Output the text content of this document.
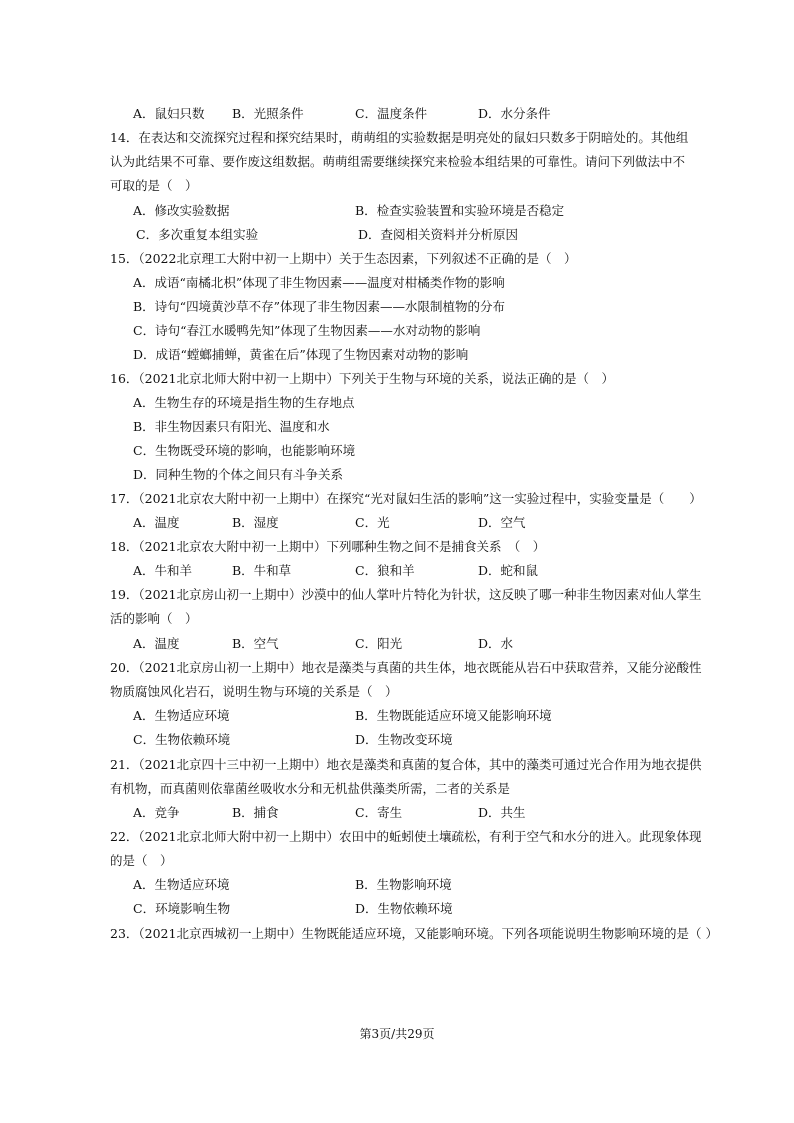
A．鼠妇只数 B．光照条件	C．温度条件	D．水分条件
14．在表达和交流探究过程和探究结果时，萌萌组的实验数据是明亮处的鼠妇只数多于阴暗处的。其他组
认为此结果不可靠、要作废这组数据。萌萌组需要继续探究来检验本组结果的可靠性。请问下列做法中不
可取的是（　）
A．修改实验数据	B．检查实验装置和实验环境是否稳定
C．多次重复本组实验	D．查阅相关资料并分析原因
15．（2022北京理工大附中初一上期中）关于生态因素，下列叙述不正确的是（　）
A．成语“南橘北枳”体现了非生物因素——温度对柑橘类作物的影响
B．诗句“四境黄沙草不存”体现了非生物因素——水限制植物的分布
C．诗句“春江水暖鸭先知”体现了生物因素——水对动物的影响
D．成语“螳螂捕蝉，黄雀在后”体现了生物因素对动物的影响
16．（2021北京北师大附中初一上期中）下列关于生物与环境的关系，说法正确的是（　）
A．生物生存的环境是指生物的生存地点
B．非生物因素只有阳光、温度和水
C．生物既受环境的影响，也能影响环境
D．同种生物的个体之间只有斗争关系
17．（2021北京农大附中初一上期中）在探究“光对鼠妇生活的影响”这一实验过程中，实验变量是（　　）
A．温度	B．湿度	C．光	D．空气
18．（2021北京农大附中初一上期中）下列哪种生物之间不是捕食关系　（　）
A．牛和羊	B．牛和草	C．狼和羊	D．蛇和鼠
19．（2021北京房山初一上期中）沙漠中的仙人掌叶片特化为针状，这反映了哪一种非生物因素对仙人掌生
活的影响（　）
A．温度	B．空气	C．阳光	D．水
20．（2021北京房山初一上期中）地衣是藻类与真菌的共生体，地衣既能从岩石中获取营养，又能分泌酸性
物质腐蚀风化岩石，说明生物与环境的关系是（　）
A．生物适应环境	B．生物既能适应环境又能影响环境
C．生物依赖环境	D．生物改变环境
21．（2021北京四十三中初一上期中）地衣是藻类和真菌的复合体，其中的藻类可通过光合作用为地衣提供
有机物，而真菌则依靠菌丝吸收水分和无机盐供藻类所需，二者的关系是
A．竞争	B．捕食	C．寄生	D．共生
22．（2021北京北师大附中初一上期中）农田中的蚯蚓使土壤疏松，有利于空气和水分的进入。此现象体现
的是（　）
A．生物适应环境	B．生物影响环境
C．环境影响生物	D．生物依赖环境
23．（2021北京西城初一上期中）生物既能适应环境，又能影响环境。下列各项能说明生物影响环境的是（ ）
第3页/共29页
